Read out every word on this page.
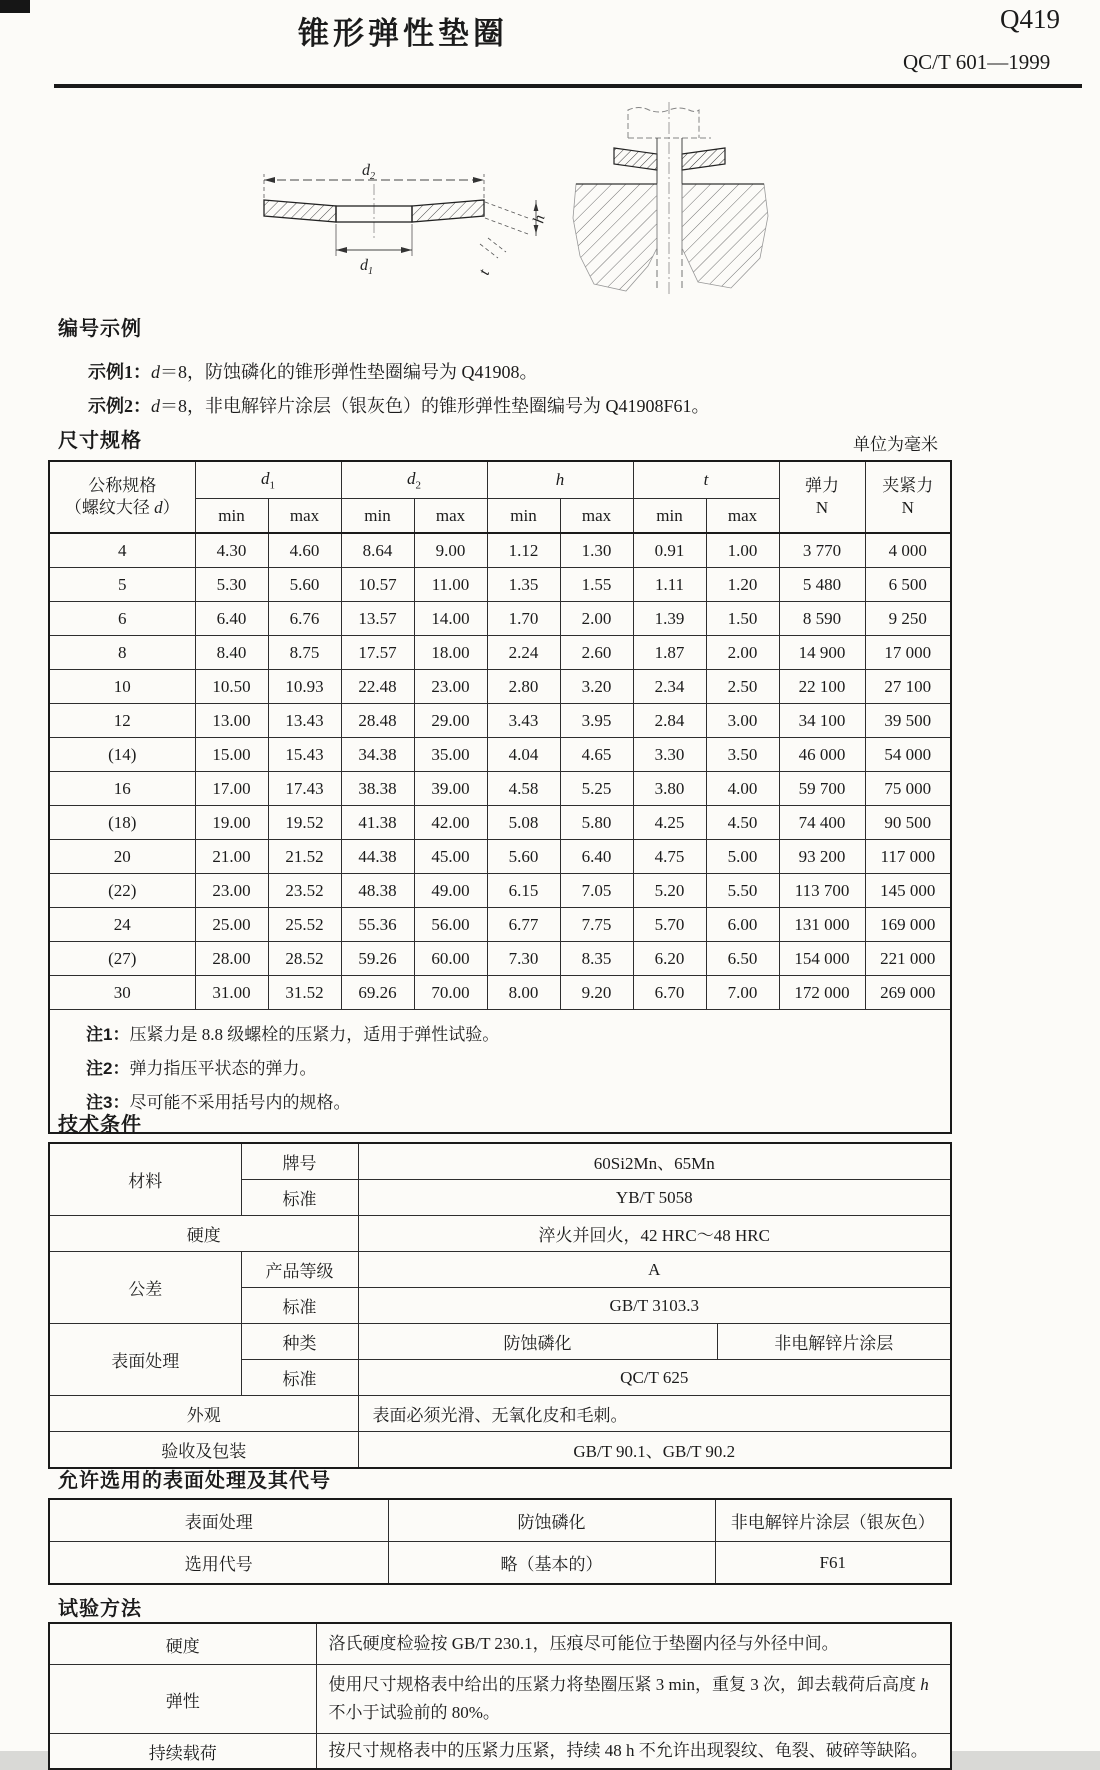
锥形弹性垫圈	Q419
QC/T 601—1999
$d_2$
$d_1$
h
t
编号示例
示例1：d＝8，防蚀磷化的锥形弹性垫圈编号为 Q41908。
示例2：d＝8，非电解锌片涂层（银灰色）的锥形弹性垫圈编号为 Q41908F61。
尺寸规格	单位为毫米
公称规格
（螺纹大径 d）
	$d_1$	$d_2$	h	t	弹力
N

夹紧力
N

	min	max	min	max	min	max	min	max		
4	4.30	4.60	8.64	9.00	1.12	1.30	0.91	1.00	3 770	4 000
5	5.30	5.60	10.57	11.00	1.35	1.55	1.11	1.20	5 480	6 500
6	6.40	6.76	13.57	14.00	1.70	2.00	1.39	1.50	8 590	9 250
8	8.40	8.75	17.57	18.00	2.24	2.60	1.87	2.00	14 900	17 000
10	10.50	10.93	22.48	23.00	2.80	3.20	2.34	2.50	22 100	27 100
12	13.00	13.43	28.48	29.00	3.43	3.95	2.84	3.00	34 100	39 500
(14)	15.00	15.43	34.38	35.00	4.04	4.65	3.30	3.50	46 000	54 000
16	17.00	17.43	38.38	39.00	4.58	5.25	3.80	4.00	59 700	75 000
(18)	19.00	19.52	41.38	42.00	5.08	5.80	4.25	4.50	74 400	90 500
20	21.00	21.52	44.38	45.00	5.60	6.40	4.75	5.00	93 200	117 000
(22)	23.00	23.52	48.38	49.00	6.15	7.05	5.20	5.50	113 700	145 000
24	25.00	25.52	55.36	56.00	6.77	7.75	5.70	6.00	131 000	169 000
(27)	28.00	28.52	59.26	60.00	7.30	8.35	6.20	6.50	154 000	221 000
30	31.00	31.52	69.26	70.00	8.00	9.20	6.70	7.00	172 000	269 000

注1：压紧力是 8.8 级螺栓的压紧力，适用于弹性试验。
注2：弹力指压平状态的弹力。
注3：尽可能不采用括号内的规格。										
技术条件
材料	牌号	60Si2Mn、65Mn	
	标准	YB/T 5058	
硬度		淬火并回火，42 HRC～48 HRC	
公差	产品等级	A	
	标准	GB/T 3103.3	
表面处理	种类	防蚀磷化	非电解锌片涂层
	标准	QC/T 625	
外观		表面必须光滑、无氧化皮和毛刺。	
验收及包装		GB/T 90.1、GB/T 90.2	
允许选用的表面处理及其代号
表面处理	防蚀磷化	非电解锌片涂层（银灰色）
选用代号	略（基本的）	F61
试验方法
硬度	洛氏硬度检验按 GB/T 230.1，压痕尽可能位于垫圈内径与外径中间。
弹性	使用尺寸规格表中给出的压紧力将垫圈压紧 3 min，重复 3 次，卸去载荷后高度 h 不小于试验前的 80%。
持续载荷	按尺寸规格表中的压紧力压紧，持续 48 h 不允许出现裂纹、龟裂、破碎等缺陷。
